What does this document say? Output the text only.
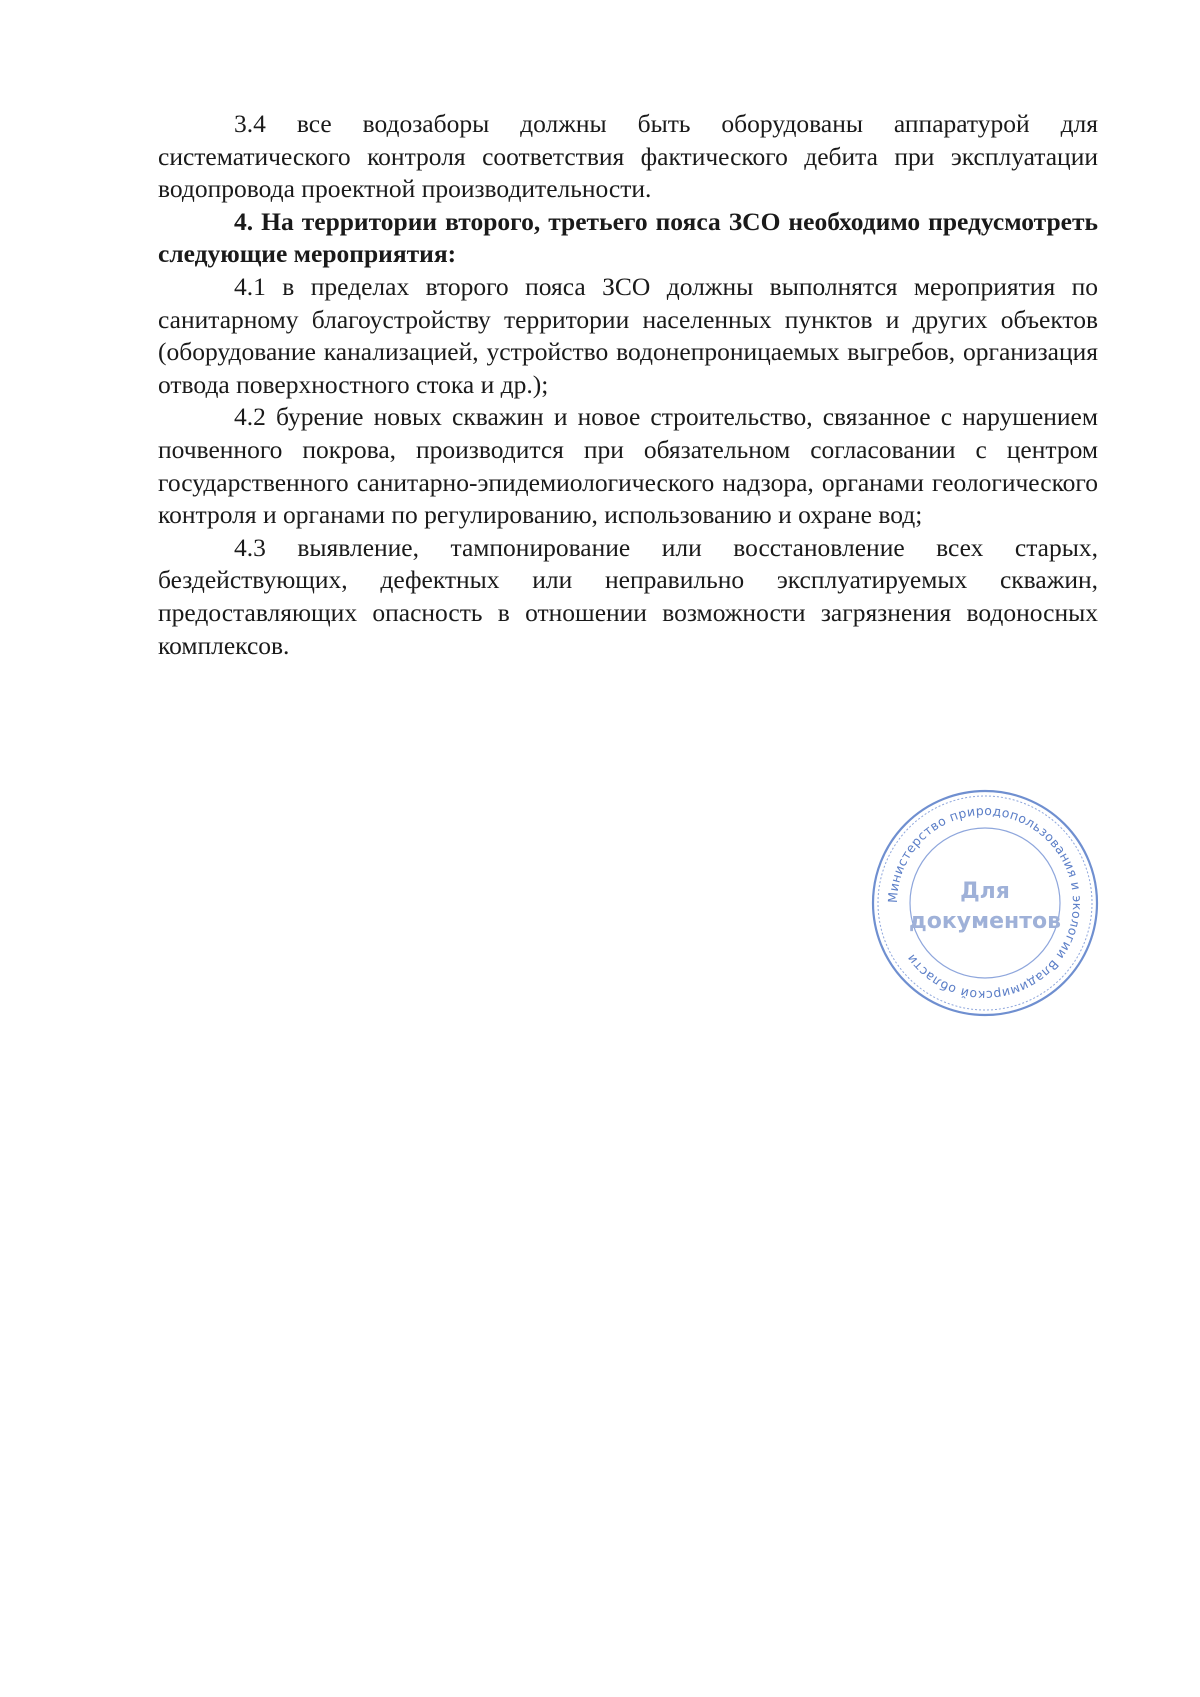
3.4 все водозаборы должны быть оборудованы аппаратурой для систематического контроля соответствия фактического дебита при эксплуатации водопровода проектной производительности.

4. На территории второго, третьего пояса ЗСО необходимо предусмотреть следующие мероприятия:

4.1 в пределах второго пояса ЗСО должны выполнятся мероприятия по санитарному благоустройству территории населенных пунктов и других объектов (оборудование канализацией, устройство водонепроницаемых выгребов, организация отвода поверхностного стока и др.);

4.2 бурение новых скважин и новое строительство, связанное с нарушением почвенного покрова, производится при обязательном согласовании с центром государственного санитарно-эпидемиологического надзора, органами геологического контроля и органами по регулированию, использованию и охране вод;

4.3 выявление, тампонирование или восстановление всех старых, бездействующих, дефектных или неправильно эксплуатируемых скважин, предоставляющих опасность в отношении возможности загрязнения водоносных комплексов.

Министерство природопользования и экологии Владимирской области
Для
документов
